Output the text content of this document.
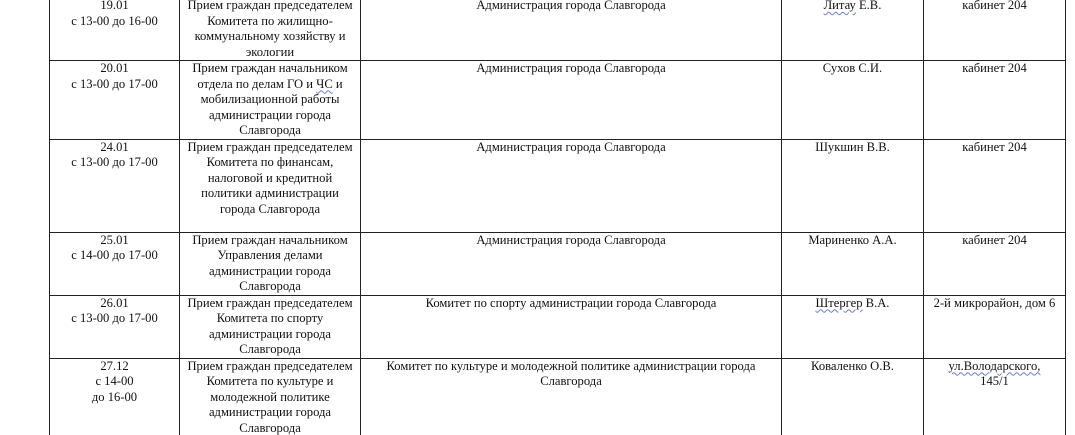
19.01
с 13-00 до 16-00	Прием граждан председателем Комитета по жилищно-коммунальному хозяйству и экологии	Администрация города Славгорода	Литау Е.В.	кабинет 204

20.01
с 13-00 до 17-00	Прием граждан начальником отдела по делам ГО и ЧС и мобилизационной работы администрации города Славгорода	Администрация города Славгорода	Сухов С.И.	кабинет 204

24.01
с 13-00 до 17-00	Прием граждан председателем Комитета по финансам, налоговой и кредитной политики администрации города Славгорода	Администрация города Славгорода	Шукшин В.В.	кабинет 204

25.01
с 14-00 до 17-00	Прием граждан начальником Управления делами администрации города Славгорода	Администрация города Славгорода	Мариненко А.А.	кабинет 204

26.01
с 13-00 до 17-00	Прием граждан председателем Комитета по спорту администрации города Славгорода	Комитет по спорту администрации города Славгорода	Штергер В.А.	2-й микрорайон, дом 6

27.12
с 14-00
до 16-00	Прием граждан председателем Комитета по культуре и молодежной политике администрации города Славгорода	Комитет по культуре и молодежной политике администрации города Славгорода	Коваленко О.В.	ул.Володарского,
145/1
